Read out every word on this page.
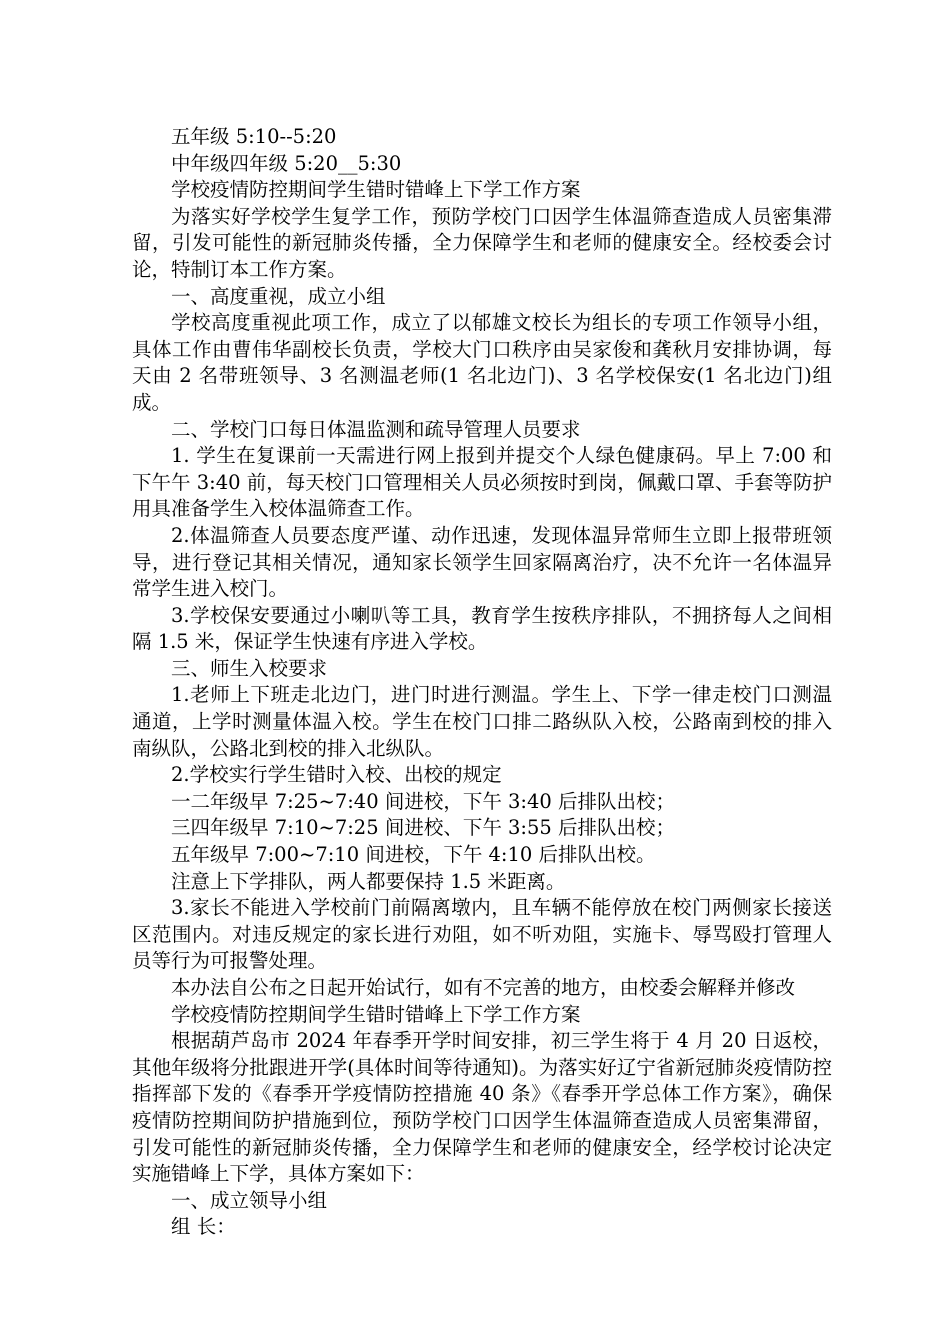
五年级 5:10--5:20

中年级四年级 5:20__5:30

学校疫情防控期间学生错时错峰上下学工作方案

为落实好学校学生复学工作，预防学校门口因学生体温筛查造成人员密集滞留，引发可能性的新冠肺炎传播，全力保障学生和老师的健康安全。经校委会讨论，特制订本工作方案。

一、高度重视，成立小组

学校高度重视此项工作，成立了以郁雄文校长为组长的专项工作领导小组，具体工作由曹伟华副校长负责，学校大门口秩序由吴家俊和龚秋月安排协调，每天由 2 名带班领导、3 名测温老师(1 名北边门)、3 名学校保安(1 名北边门)组成。

二、学校门口每日体温监测和疏导管理人员要求

1. 学生在复课前一天需进行网上报到并提交个人绿色健康码。早上 7:00 和下午午 3:40 前，每天校门口管理相关人员必须按时到岗，佩戴口罩、手套等防护用具准备学生入校体温筛查工作。

2.体温筛查人员要态度严谨、动作迅速，发现体温异常师生立即上报带班领导，进行登记其相关情况，通知家长领学生回家隔离治疗，决不允许一名体温异常学生进入校门。

3.学校保安要通过小喇叭等工具，教育学生按秩序排队，不拥挤每人之间相隔 1.5 米，保证学生快速有序进入学校。

三、师生入校要求

1.老师上下班走北边门，进门时进行测温。学生上、下学一律走校门口测温通道，上学时测量体温入校。学生在校门口排二路纵队入校，公路南到校的排入南纵队，公路北到校的排入北纵队。

2.学校实行学生错时入校、出校的规定

一二年级早 7:25~7:40 间进校，下午 3:40 后排队出校；

三四年级早 7:10~7:25 间进校、下午 3:55 后排队出校；

五年级早 7:00~7:10 间进校，下午 4:10 后排队出校。

注意上下学排队，两人都要保持 1.5 米距离。

3.家长不能进入学校前门前隔离墩内，且车辆不能停放在校门两侧家长接送区范围内。对违反规定的家长进行劝阻，如不听劝阻，实施卡、辱骂殴打管理人员等行为可报警处理。

本办法自公布之日起开始试行，如有不完善的地方，由校委会解释并修改

学校疫情防控期间学生错时错峰上下学工作方案

根据葫芦岛市 2024 年春季开学时间安排，初三学生将于 4 月 20 日返校，其他年级将分批跟进开学(具体时间等待通知)。为落实好辽宁省新冠肺炎疫情防控指挥部下发的《春季开学疫情防控措施 40 条》《春季开学总体工作方案》，确保疫情防控期间防护措施到位，预防学校门口因学生体温筛查造成人员密集滞留，引发可能性的新冠肺炎传播，全力保障学生和老师的健康安全，经学校讨论决定实施错峰上下学，具体方案如下：

一、成立领导小组

组 长：
